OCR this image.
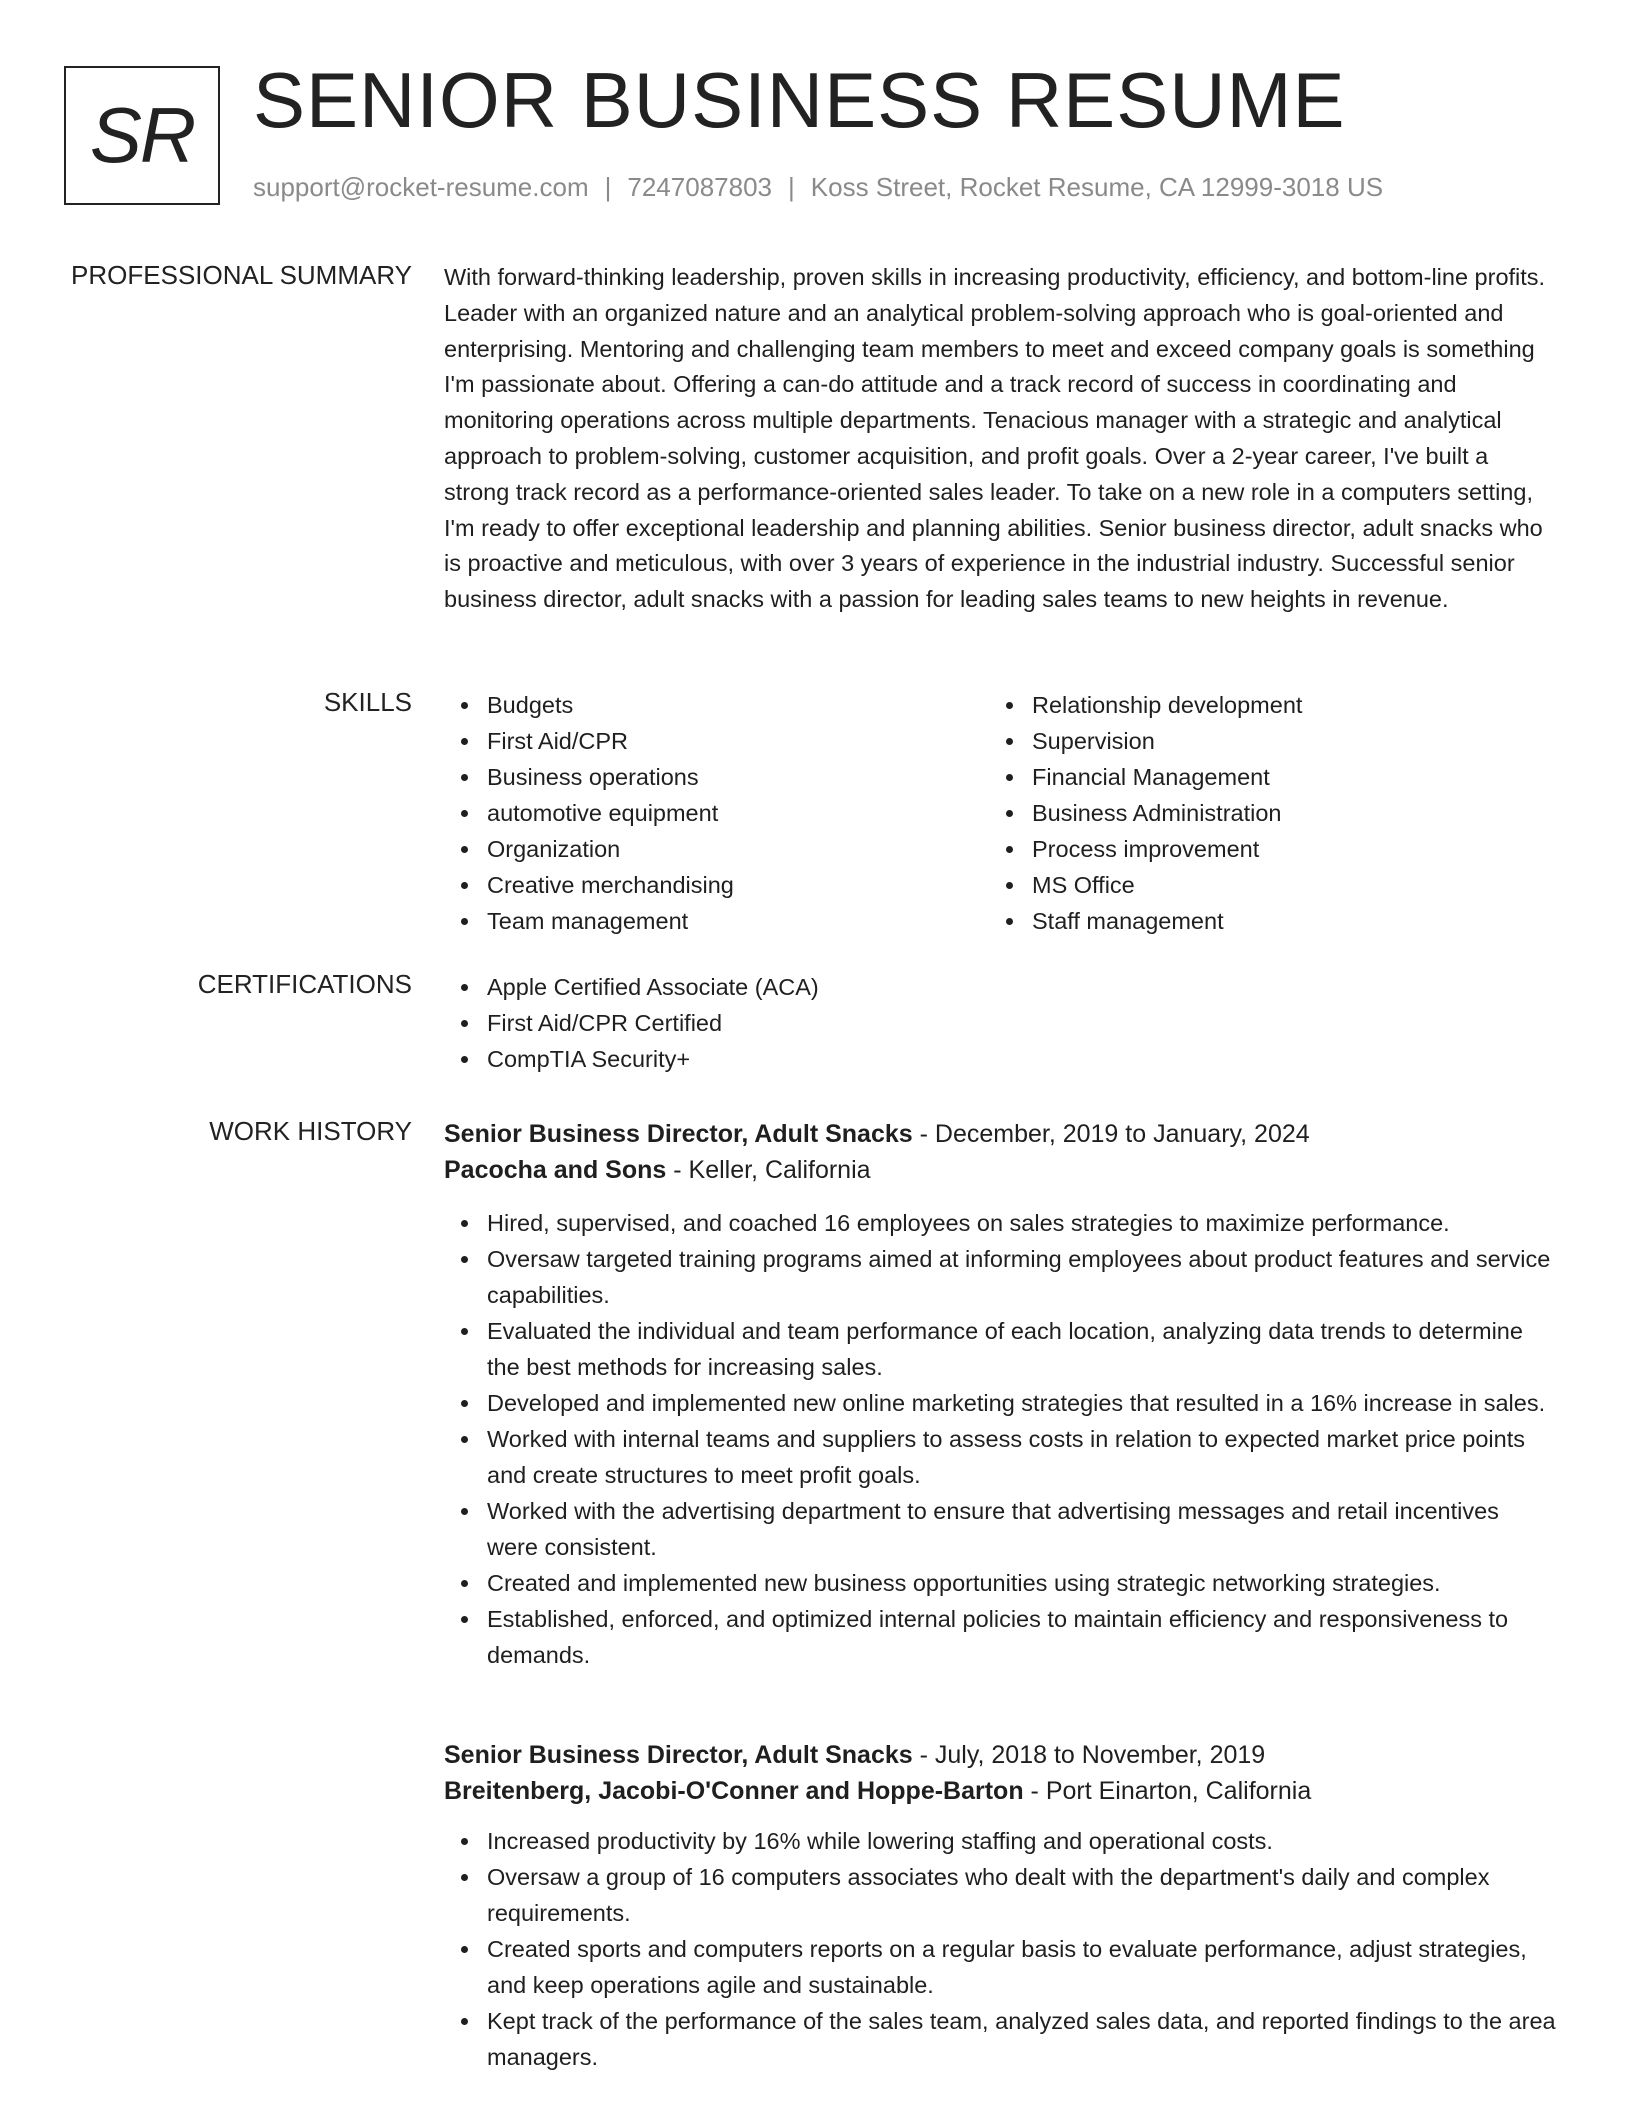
SR SENIOR BUSINESS RESUME
support@rocket-resume.com | 7247087803 | Koss Street, Rocket Resume, CA 12999-3018 US
PROFESSIONAL SUMMARY With forward-thinking leadership, proven skills in increasing productivity, efficiency, and bottom-line profits. Leader with an organized nature and an analytical problem-solving approach who is goal-oriented and enterprising. Mentoring and challenging team members to meet and exceed company goals is something I'm passionate about. Offering a can-do attitude and a track record of success in coordinating and monitoring operations across multiple departments. Tenacious manager with a strategic and analytical approach to problem-solving, customer acquisition, and profit goals. Over a 2-year career, I've built a strong track record as a performance-oriented sales leader. To take on a new role in a computers setting, I'm ready to offer exceptional leadership and planning abilities. Senior business director, adult snacks who is proactive and meticulous, with over 3 years of experience in the industrial industry. Successful senior business director, adult snacks with a passion for leading sales teams to new heights in revenue.

SKILLS	Budgets
First Aid/CPR
Business operations
automotive equipment
Organization
Creative merchandising
Team management
Relationship development
Supervision
Financial Management
Business Administration
Process improvement
MS Office
Staff management
CERTIFICATIONS	Apple Certified Associate (ACA)
First Aid/CPR Certified
CompTIA Security+
WORK HISTORY Senior Business Director, Adult Snacks - December, 2019 to January, 2024
Pacocha and Sons - Keller, California
Hired, supervised, and coached 16 employees on sales strategies to maximize performance.
Oversaw targeted training programs aimed at informing employees about product features and service capabilities.
Evaluated the individual and team performance of each location, analyzing data trends to determine the best methods for increasing sales.
Developed and implemented new online marketing strategies that resulted in a 16% increase in sales.
Worked with internal teams and suppliers to assess costs in relation to expected market price points and create structures to meet profit goals.
Worked with the advertising department to ensure that advertising messages and retail incentives were consistent.
Created and implemented new business opportunities using strategic networking strategies.
Established, enforced, and optimized internal policies to maintain efficiency and responsiveness to demands.
Senior Business Director, Adult Snacks - July, 2018 to November, 2019
Breitenberg, Jacobi-O'Conner and Hoppe-Barton - Port Einarton, California
Increased productivity by 16% while lowering staffing and operational costs.
Oversaw a group of 16 computers associates who dealt with the department's daily and complex requirements.
Created sports and computers reports on a regular basis to evaluate performance, adjust strategies, and keep operations agile and sustainable.
Kept track of the performance of the sales team, analyzed sales data, and reported findings to the area managers.
